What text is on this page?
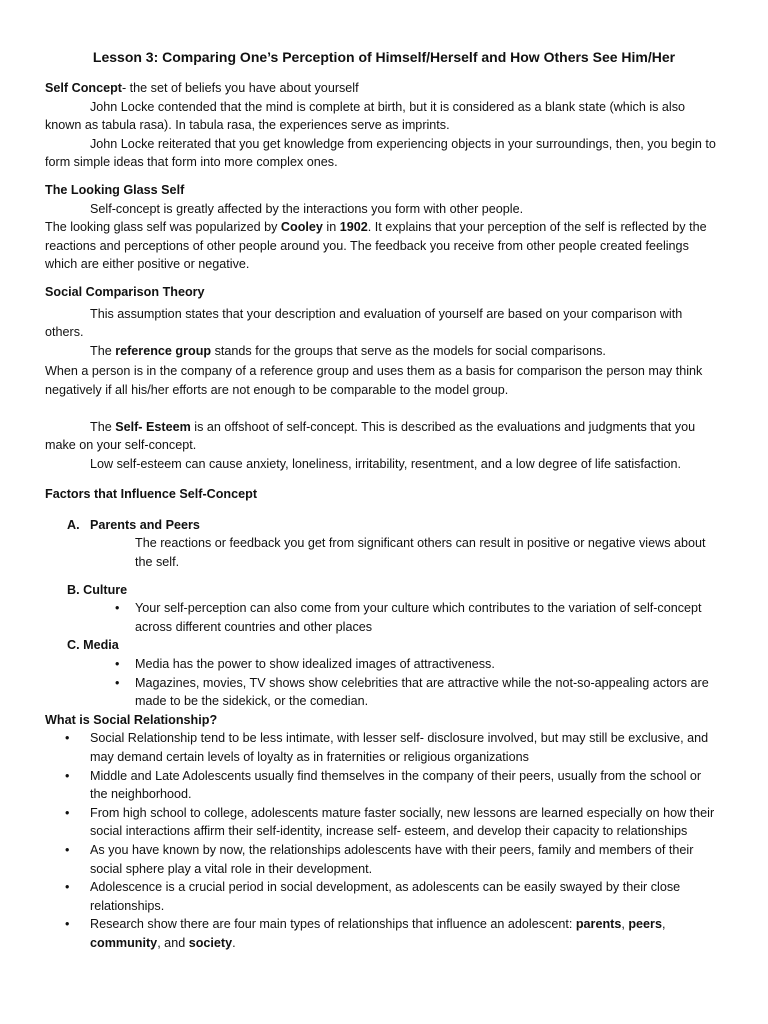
Lesson 3: Comparing One’s Perception of Himself/Herself and How Others See Him/Her

Self Concept- the set of beliefs you have about yourself

John Locke contended that the mind is complete at birth, but it is considered as a blank state (which is also known as tabula rasa). In tabula rasa, the experiences serve as imprints.

John Locke reiterated that you get knowledge from experiencing objects in your surroundings, then, you begin to form simple ideas that form into more complex ones.

The Looking Glass Self

Self-concept is greatly affected by the interactions you form with other people.

The looking glass self was popularized by Cooley in 1902. It explains that your perception of the self is reflected by the reactions and perceptions of other people around you. The feedback you receive from other people created feelings which are either positive or negative.

Social Comparison Theory

This assumption states that your description and evaluation of yourself are based on your comparison with others.

The reference group stands for the groups that serve as the models for social comparisons.

When a person is in the company of a reference group and uses them as a basis for comparison the person may think negatively if all his/her efforts are not enough to be comparable to the model group.

The Self- Esteem is an offshoot of self-concept. This is described as the evaluations and judgments that you make on your self-concept.

Low self-esteem can cause anxiety, loneliness, irritability, resentment, and a low degree of life satisfaction.

Factors that Influence Self-Concept

A. Parents and Peers

The reactions or feedback you get from significant others can result in positive or negative views about the self.

B. Culture

• Your self-perception can also come from your culture which contributes to the variation of self-concept across different countries and other places

C. Media

• Media has the power to show idealized images of attractiveness.
• Magazines, movies, TV shows show celebrities that are attractive while the not-so-appealing actors are made to be the sidekick, or the comedian.

What is Social Relationship?

• Social Relationship tend to be less intimate, with lesser self- disclosure involved, but may still be exclusive, and may demand certain levels of loyalty as in fraternities or religious organizations
• Middle and Late Adolescents usually find themselves in the company of their peers, usually from the school or the neighborhood.
• From high school to college, adolescents mature faster socially, new lessons are learned especially on how their social interactions affirm their self-identity, increase self- esteem, and develop their capacity to relationships
• As you have known by now, the relationships adolescents have with their peers, family and members of their social sphere play a vital role in their development.
• Adolescence is a crucial period in social development, as adolescents can be easily swayed by their close relationships.
• Research show there are four main types of relationships that influence an adolescent: parents, peers, community, and society.
